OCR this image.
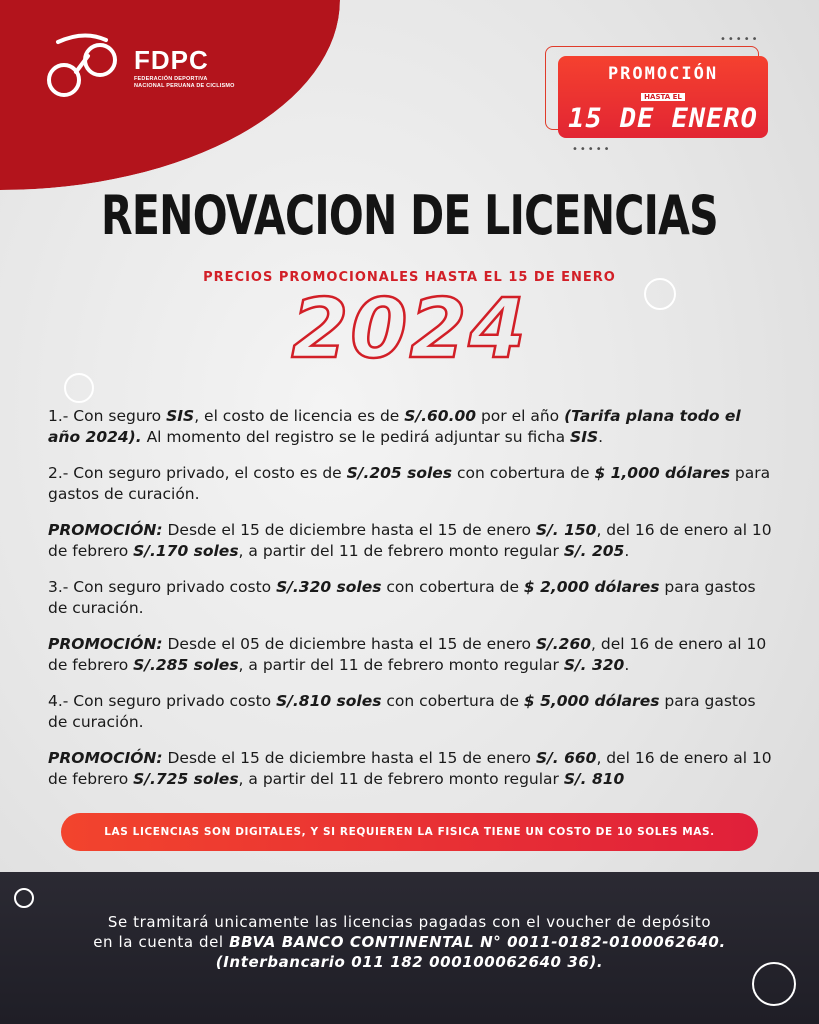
FDPC
FEDERACIÓN DEPORTIVA
NACIONAL PERUANA DE CICLISMO
•••••
PROMOCIÓN
HASTA EL
15 DE ENERO
•••••
RENOVACION DE LICENCIAS
PRECIOS PROMOCIONALES HASTA EL 15 DE ENERO
2024

1.- Con seguro SIS, el costo de licencia es de S/.60.00 por el año (Tarifa plana todo el año 2024). Al momento del registro se le pedirá adjuntar su ficha SIS.

2.- Con seguro privado, el costo es de S/.205 soles con cobertura de $ 1,000 dólares para gastos de curación.

PROMOCIÓN: Desde el 15 de diciembre hasta el 15 de enero S/. 150, del 16 de enero al 10 de febrero S/.170 soles, a partir del 11 de febrero monto regular S/. 205.

3.- Con seguro privado costo S/.320 soles con cobertura de $ 2,000 dólares para gastos de curación.

PROMOCIÓN: Desde el 05 de diciembre hasta el 15 de enero S/.260, del 16 de enero al 10 de febrero S/.285 soles, a partir del 11 de febrero monto regular S/. 320.

4.- Con seguro privado costo S/.810 soles con cobertura de $ 5,000 dólares para gastos de curación.

PROMOCIÓN: Desde el 15 de diciembre hasta el 15 de enero S/. 660, del 16 de enero al 10 de febrero S/.725 soles, a partir del 11 de febrero monto regular S/. 810

LAS LICENCIAS SON DIGITALES, Y SI REQUIEREN LA FISICA TIENE UN COSTO DE 10 SOLES MAS.
Se tramitará unicamente las licencias pagadas con el voucher de depósito
en la cuenta del BBVA BANCO CONTINENTAL N° 0011-0182-0100062640.
(Interbancario 011 182 000100062640 36).
